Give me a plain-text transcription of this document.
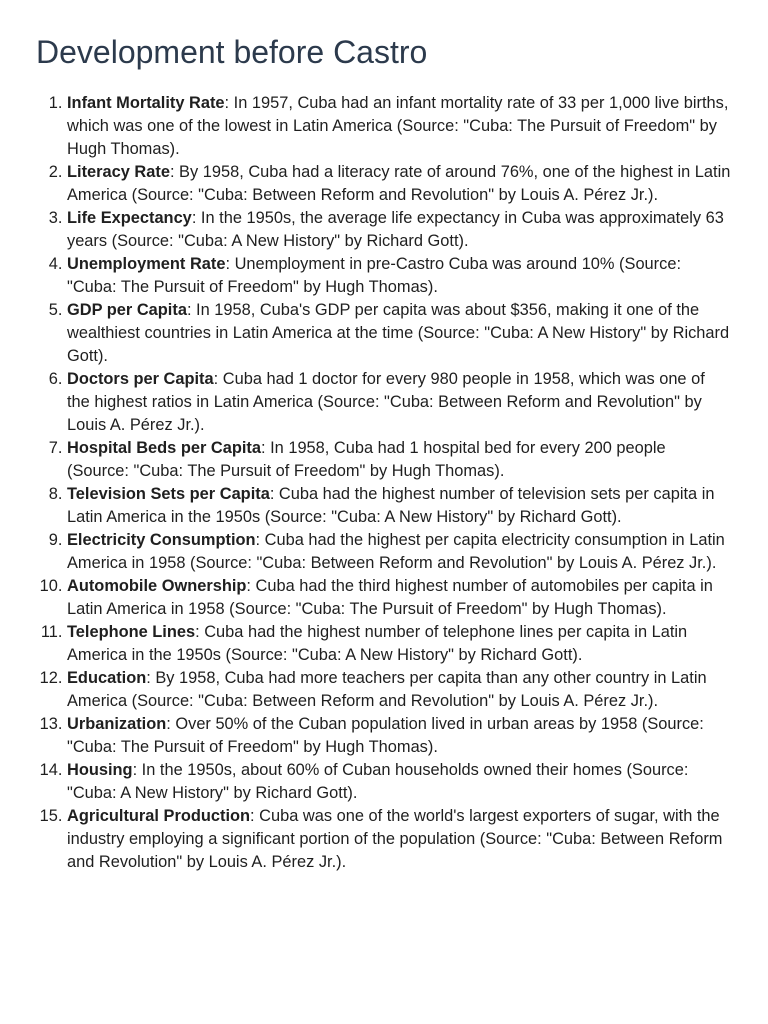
Development before Castro
1. Infant Mortality Rate: In 1957, Cuba had an infant mortality rate of 33 per 1,000 live births, which was one of the lowest in Latin America (Source: "Cuba: The Pursuit of Freedom" by Hugh Thomas).
2. Literacy Rate: By 1958, Cuba had a literacy rate of around 76%, one of the highest in Latin America (Source: "Cuba: Between Reform and Revolution" by Louis A. Pérez Jr.).
3. Life Expectancy: In the 1950s, the average life expectancy in Cuba was approximately 63 years (Source: "Cuba: A New History" by Richard Gott).
4. Unemployment Rate: Unemployment in pre-Castro Cuba was around 10% (Source: "Cuba: The Pursuit of Freedom" by Hugh Thomas).
5. GDP per Capita: In 1958, Cuba's GDP per capita was about $356, making it one of the wealthiest countries in Latin America at the time (Source: "Cuba: A New History" by Richard Gott).
6. Doctors per Capita: Cuba had 1 doctor for every 980 people in 1958, which was one of the highest ratios in Latin America (Source: "Cuba: Between Reform and Revolution" by Louis A. Pérez Jr.).
7. Hospital Beds per Capita: In 1958, Cuba had 1 hospital bed for every 200 people (Source: "Cuba: The Pursuit of Freedom" by Hugh Thomas).
8. Television Sets per Capita: Cuba had the highest number of television sets per capita in Latin America in the 1950s (Source: "Cuba: A New History" by Richard Gott).
9. Electricity Consumption: Cuba had the highest per capita electricity consumption in Latin America in 1958 (Source: "Cuba: Between Reform and Revolution" by Louis A. Pérez Jr.).
10. Automobile Ownership: Cuba had the third highest number of automobiles per capita in Latin America in 1958 (Source: "Cuba: The Pursuit of Freedom" by Hugh Thomas).
11. Telephone Lines: Cuba had the highest number of telephone lines per capita in Latin America in the 1950s (Source: "Cuba: A New History" by Richard Gott).
12. Education: By 1958, Cuba had more teachers per capita than any other country in Latin America (Source: "Cuba: Between Reform and Revolution" by Louis A. Pérez Jr.).
13. Urbanization: Over 50% of the Cuban population lived in urban areas by 1958 (Source: "Cuba: The Pursuit of Freedom" by Hugh Thomas).
14. Housing: In the 1950s, about 60% of Cuban households owned their homes (Source: "Cuba: A New History" by Richard Gott).
15. Agricultural Production: Cuba was one of the world's largest exporters of sugar, with the industry employing a significant portion of the population (Source: "Cuba: Between Reform and Revolution" by Louis A. Pérez Jr.).
